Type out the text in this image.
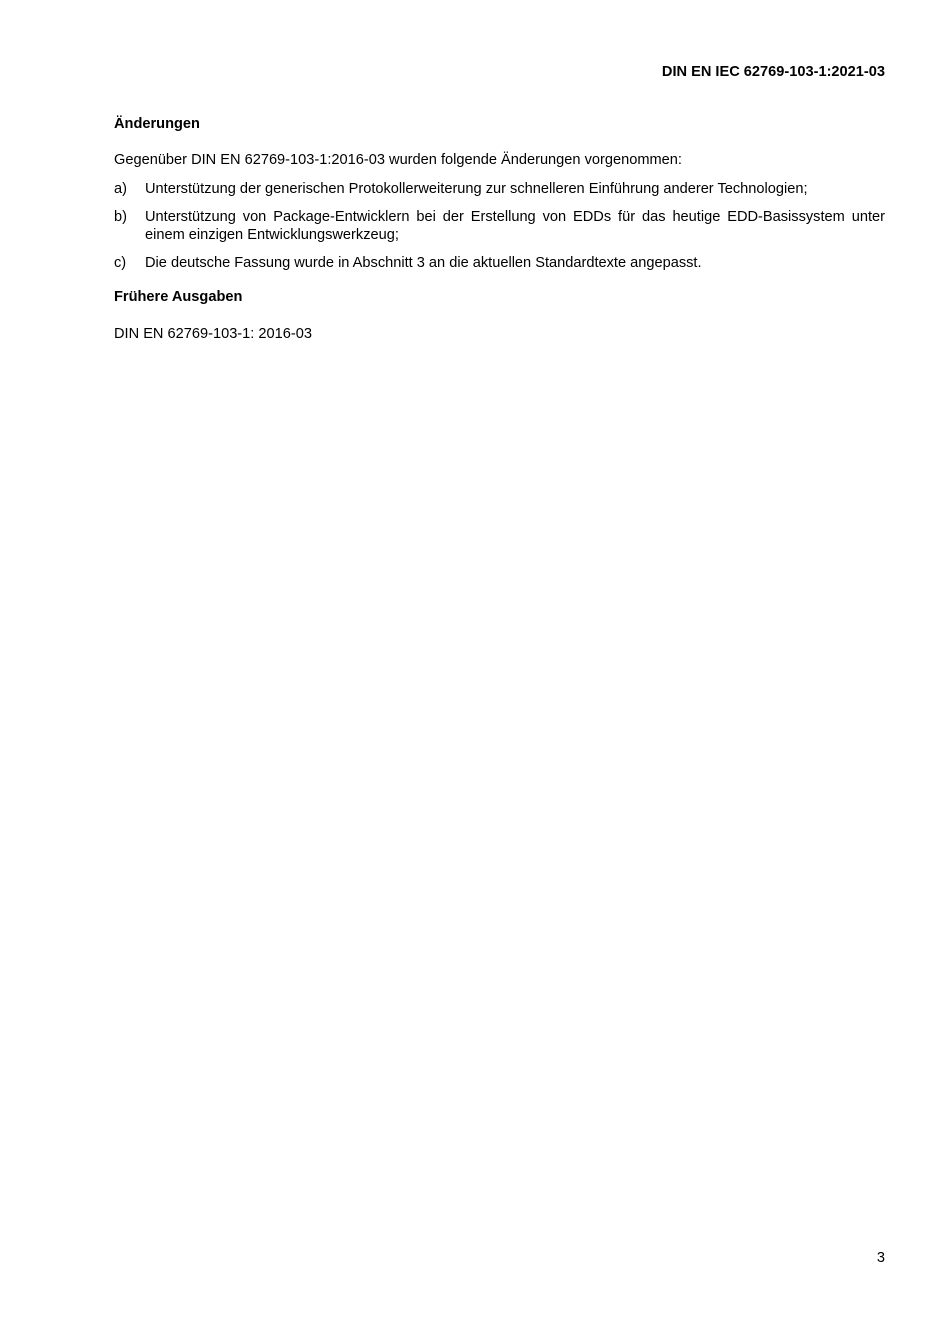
DIN EN IEC 62769-103-1:2021-03

Änderungen

Gegenüber DIN EN 62769-103-1:2016-03 wurden folgende Änderungen vorgenommen:

a)	Unterstützung der generischen Protokollerweiterung zur schnelleren Einführung anderer Technologien;
b)	Unterstützung von Package-Entwicklern bei der Erstellung von EDDs für das heutige EDD-Basissystem unter einem einzigen Entwicklungswerkzeug;
c)	Die deutsche Fassung wurde in Abschnitt 3 an die aktuellen Standardtexte angepasst.

Frühere Ausgaben

DIN EN 62769-103-1: 2016-03

3
